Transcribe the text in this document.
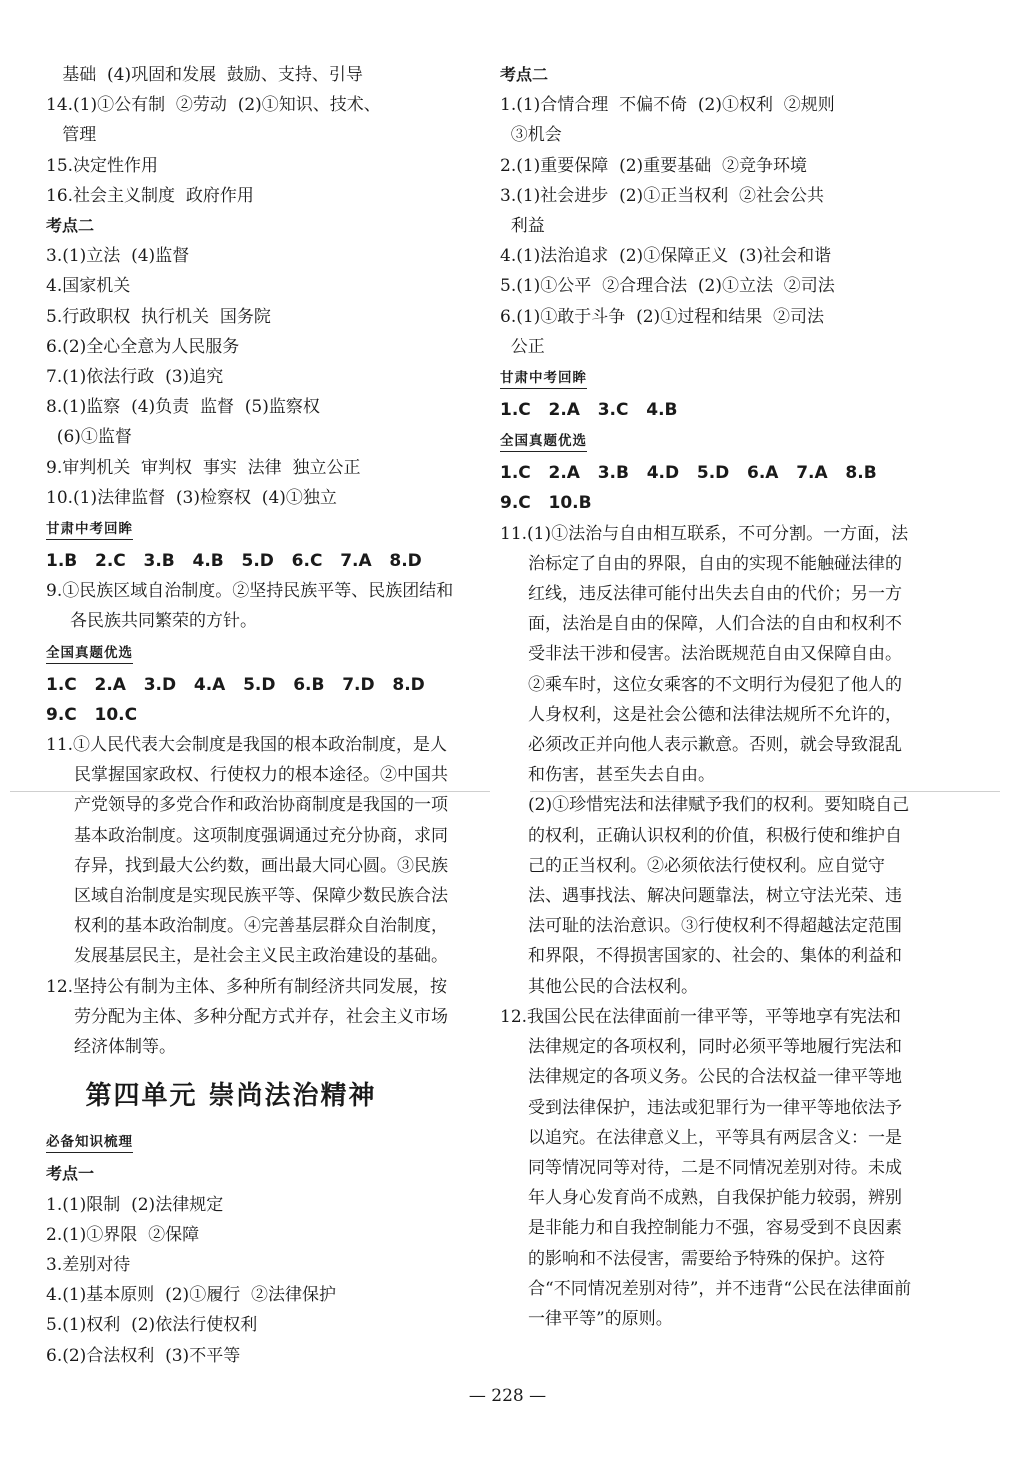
基础  (4)巩固和发展  鼓励、支持、引导
14.(1)①公有制  ②劳动  (2)①知识、技术、
管理
15.决定性作用
16.社会主义制度  政府作用
考点二
3.(1)立法  (4)监督
4.国家机关
5.行政职权  执行机关  国务院
6.(2)全心全意为人民服务
7.(1)依法行政  (3)追究
8.(1)监察  (4)负责  监督  (5)监察权
(6)①监督
9.审判机关  审判权  事实  法律  独立公正
10.(1)法律监督  (3)检察权  (4)①独立
甘肃中考回眸
1.B   2.C   3.B   4.B   5.D   6.C   7.A   8.D
9.①民族区域自治制度。②坚持民族平等、民族团结和各民族共同繁荣的方针。
全国真题优选
1.C   2.A   3.D   4.A   5.D   6.B   7.D   8.D
9.C   10.C
11.①人民代表大会制度是我国的根本政治制度，是人民掌握国家政权、行使权力的根本途径。②中国共产党领导的多党合作和政治协商制度是我国的一项基本政治制度。这项制度强调通过充分协商，求同存异，找到最大公约数，画出最大同心圆。③民族区域自治制度是实现民族平等、保障少数民族合法权利的基本政治制度。④完善基层群众自治制度，发展基层民主，是社会主义民主政治建设的基础。
12.坚持公有制为主体、多种所有制经济共同发展，按劳分配为主体、多种分配方式并存，社会主义市场经济体制等。
第四单元 崇尚法治精神
必备知识梳理
考点一
1.(1)限制  (2)法律规定
2.(1)①界限  ②保障
3.差别对待
4.(1)基本原则  (2)①履行  ②法律保护
5.(1)权利  (2)依法行使权利
6.(2)合法权利  (3)不平等
考点二
1.(1)合情合理  不偏不倚  (2)①权利  ②规则
③机会
2.(1)重要保障  (2)重要基础  ②竞争环境
3.(1)社会进步  (2)①正当权利  ②社会公共
利益
4.(1)法治追求  (2)①保障正义  (3)社会和谐
5.(1)①公平  ②合理合法  (2)①立法  ②司法
6.(1)①敢于斗争  (2)①过程和结果  ②司法
公正
甘肃中考回眸
1.C   2.A   3.C   4.B
全国真题优选
1.C   2.A   3.B   4.D   5.D   6.A   7.A   8.B
9.C   10.B
11.(1)①法治与自由相互联系，不可分割。一方面，法治标定了自由的界限，自由的实现不能触碰法律的红线，违反法律可能付出失去自由的代价；另一方面，法治是自由的保障，人们合法的自由和权利不受非法干涉和侵害。法治既规范自由又保障自由。②乘车时，这位女乘客的不文明行为侵犯了他人的人身权利，这是社会公德和法律法规所不允许的，必须改正并向他人表示歉意。否则，就会导致混乱和伤害，甚至失去自由。
(2)①珍惜宪法和法律赋予我们的权利。要知晓自己的权利，正确认识权利的价值，积极行使和维护自己的正当权利。②必须依法行使权利。应自觉守法、遇事找法、解决问题靠法，树立守法光荣、违法可耻的法治意识。③行使权利不得超越法定范围和界限，不得损害国家的、社会的、集体的利益和其他公民的合法权利。
12.我国公民在法律面前一律平等，平等地享有宪法和法律规定的各项权利，同时必须平等地履行宪法和法律规定的各项义务。公民的合法权益一律平等地受到法律保护，违法或犯罪行为一律平等地依法予以追究。在法律意义上，平等具有两层含义：一是同等情况同等对待，二是不同情况差别对待。未成年人身心发育尚不成熟，自我保护能力较弱，辨别是非能力和自我控制能力不强，容易受到不良因素的影响和不法侵害，需要给予特殊的保护。这符合“不同情况差别对待”，并不违背“公民在法律面前一律平等”的原则。
— 228 —
